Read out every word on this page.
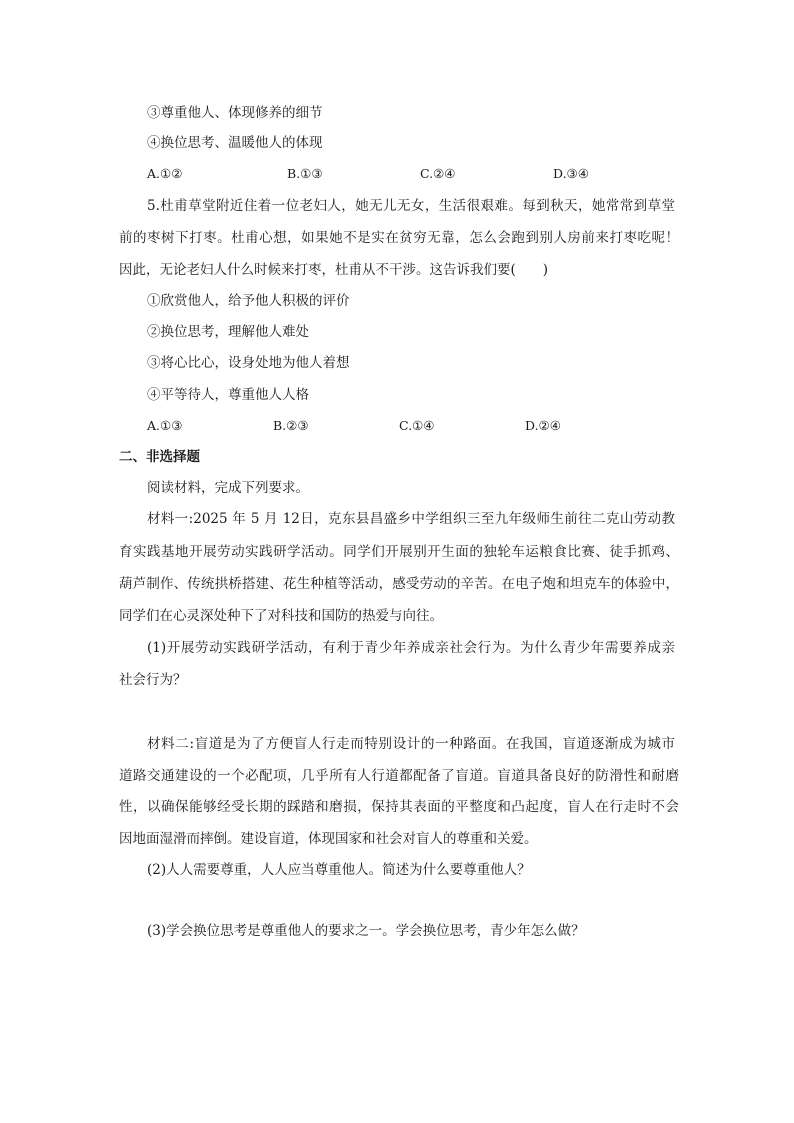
③尊重他人、体现修养的细节
④换位思考、温暖他人的体现
A.①②	B.①③	C.②④	D.③④
5.杜甫草堂附近住着一位老妇人，她无儿无女，生活很艰难。每到秋天，她常常到草堂
前的枣树下打枣。杜甫心想，如果她不是实在贫穷无靠，怎么会跑到别人房前来打枣吃呢！
因此，无论老妇人什么时候来打枣，杜甫从不干涉。这告诉我们要(　　)
①欣赏他人，给予他人积极的评价
②换位思考，理解他人难处
③将心比心，设身处地为他人着想
④平等待人，尊重他人人格
A.①③	B.②③	C.①④	D.②④
二、非选择题
阅读材料，完成下列要求。
材料一:2025 年 5 月 12日，克东县昌盛乡中学组织三至九年级师生前往二克山劳动教
育实践基地开展劳动实践研学活动。同学们开展别开生面的独轮车运粮食比赛、徒手抓鸡、
葫芦制作、传统拱桥搭建、花生种植等活动，感受劳动的辛苦。在电子炮和坦克车的体验中，
同学们在心灵深处种下了对科技和国防的热爱与向往。
(1)开展劳动实践研学活动，有利于青少年养成亲社会行为。为什么青少年需要养成亲
社会行为？
材料二:盲道是为了方便盲人行走而特别设计的一种路面。在我国，盲道逐渐成为城市
道路交通建设的一个必配项，几乎所有人行道都配备了盲道。盲道具备良好的防滑性和耐磨
性，以确保能够经受长期的踩踏和磨损，保持其表面的平整度和凸起度，盲人在行走时不会
因地面湿滑而摔倒。建设盲道，体现国家和社会对盲人的尊重和关爱。
(2)人人需要尊重，人人应当尊重他人。简述为什么要尊重他人？
(3)学会换位思考是尊重他人的要求之一。学会换位思考，青少年怎么做？
